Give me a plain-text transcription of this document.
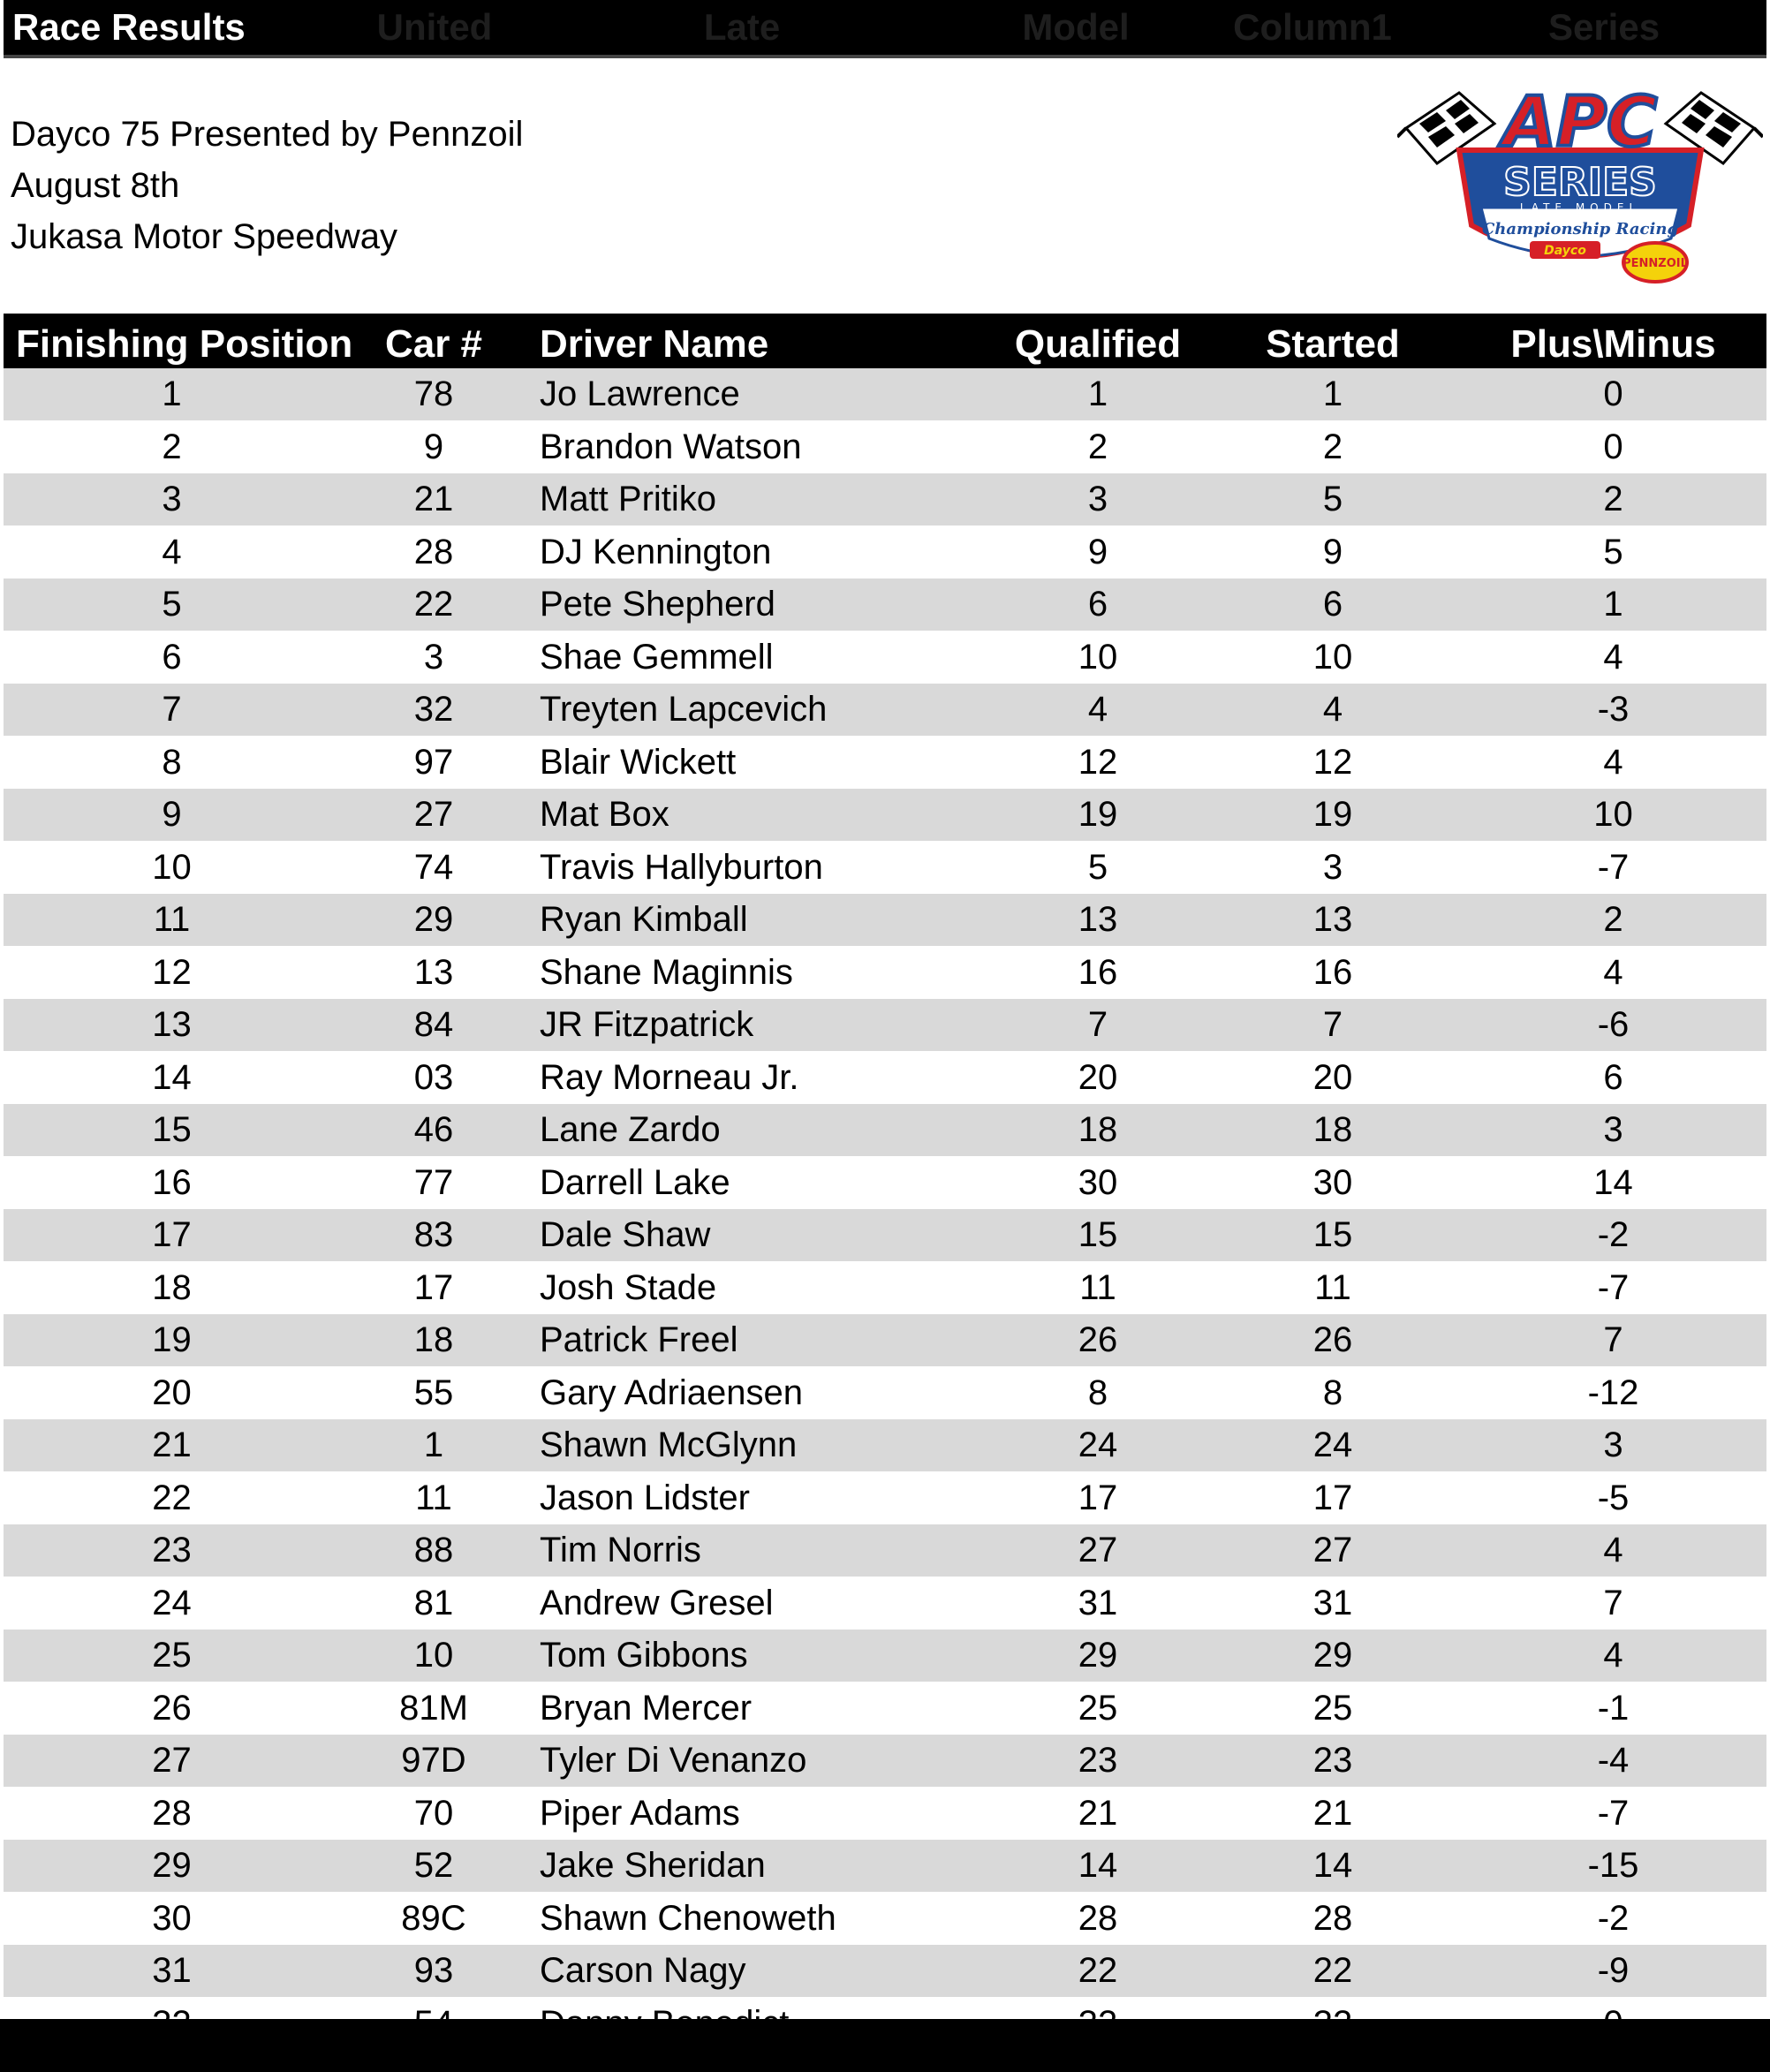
Race Results	United	Late	Model	Column1	Series
Dayco 75 Presented by Pennzoil
August 8th
Jukasa Motor Speedway
APC
SERIES
LATE MODEL
Championship Racing
Dayco
PENNZOIL
Finishing Position	Car #	Driver Name	Qualified	Started	Plus\Minus
1	78	Jo Lawrence	1	1	0
2	9	Brandon Watson	2	2	0
3	21	Matt Pritiko	3	5	2
4	28	DJ Kennington	9	9	5
5	22	Pete Shepherd	6	6	1
6	3	Shae Gemmell	10	10	4
7	32	Treyten Lapcevich	4	4	-3
8	97	Blair Wickett	12	12	4
9	27	Mat Box	19	19	10
10	74	Travis Hallyburton	5	3	-7
11	29	Ryan Kimball	13	13	2
12	13	Shane Maginnis	16	16	4
13	84	JR Fitzpatrick	7	7	-6
14	03	Ray Morneau Jr.	20	20	6
15	46	Lane Zardo	18	18	3
16	77	Darrell Lake	30	30	14
17	83	Dale Shaw	15	15	-2
18	17	Josh Stade	11	11	-7
19	18	Patrick Freel	26	26	7
20	55	Gary Adriaensen	8	8	-12
21	1	Shawn McGlynn	24	24	3
22	11	Jason Lidster	17	17	-5
23	88	Tim Norris	27	27	4
24	81	Andrew Gresel	31	31	7
25	10	Tom Gibbons	29	29	4
26	81M	Bryan Mercer	25	25	-1
27	97D	Tyler Di Venanzo	23	23	-4
28	70	Piper Adams	21	21	-7
29	52	Jake Sheridan	14	14	-15
30	89C	Shawn Chenoweth	28	28	-2
31	93	Carson Nagy	22	22	-9
